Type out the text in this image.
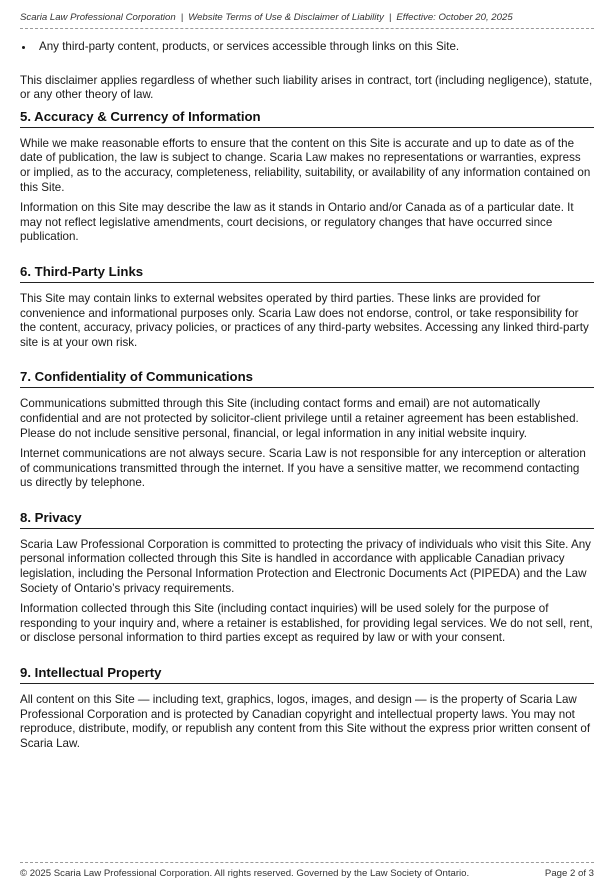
Scaria Law Professional Corporation | Website Terms of Use & Disclaimer of Liability | Effective: October 20, 2025
• Any third-party content, products, or services accessible through links on this Site.

This disclaimer applies regardless of whether such liability arises in contract, tort (including negligence), statute, or any other theory of law.

5. Accuracy & Currency of Information

While we make reasonable efforts to ensure that the content on this Site is accurate and up to date as of the date of publication, the law is subject to change. Scaria Law makes no representations or warranties, express or implied, as to the accuracy, completeness, reliability, suitability, or availability of any information contained on this Site.

Information on this Site may describe the law as it stands in Ontario and/or Canada as of a particular date. It may not reflect legislative amendments, court decisions, or regulatory changes that have occurred since publication.

6. Third-Party Links

This Site may contain links to external websites operated by third parties. These links are provided for convenience and informational purposes only. Scaria Law does not endorse, control, or take responsibility for the content, accuracy, privacy policies, or practices of any third-party websites. Accessing any linked third-party site is at your own risk.

7. Confidentiality of Communications

Communications submitted through this Site (including contact forms and email) are not automatically confidential and are not protected by solicitor-client privilege until a retainer agreement has been established. Please do not include sensitive personal, financial, or legal information in any initial website inquiry.

Internet communications are not always secure. Scaria Law is not responsible for any interception or alteration of communications transmitted through the internet. If you have a sensitive matter, we recommend contacting us directly by telephone.

8. Privacy

Scaria Law Professional Corporation is committed to protecting the privacy of individuals who visit this Site. Any personal information collected through this Site is handled in accordance with applicable Canadian privacy legislation, including the Personal Information Protection and Electronic Documents Act (PIPEDA) and the Law Society of Ontario’s privacy requirements.

Information collected through this Site (including contact inquiries) will be used solely for the purpose of responding to your inquiry and, where a retainer is established, for providing legal services. We do not sell, rent, or disclose personal information to third parties except as required by law or with your consent.

9. Intellectual Property

All content on this Site — including text, graphics, logos, images, and design — is the property of Scaria Law Professional Corporation and is protected by Canadian copyright and intellectual property laws. You may not reproduce, distribute, modify, or republish any content from this Site without the express prior written consent of Scaria Law.

© 2025 Scaria Law Professional Corporation. All rights reserved. Governed by the Law Society of Ontario.	Page 2 of 3
